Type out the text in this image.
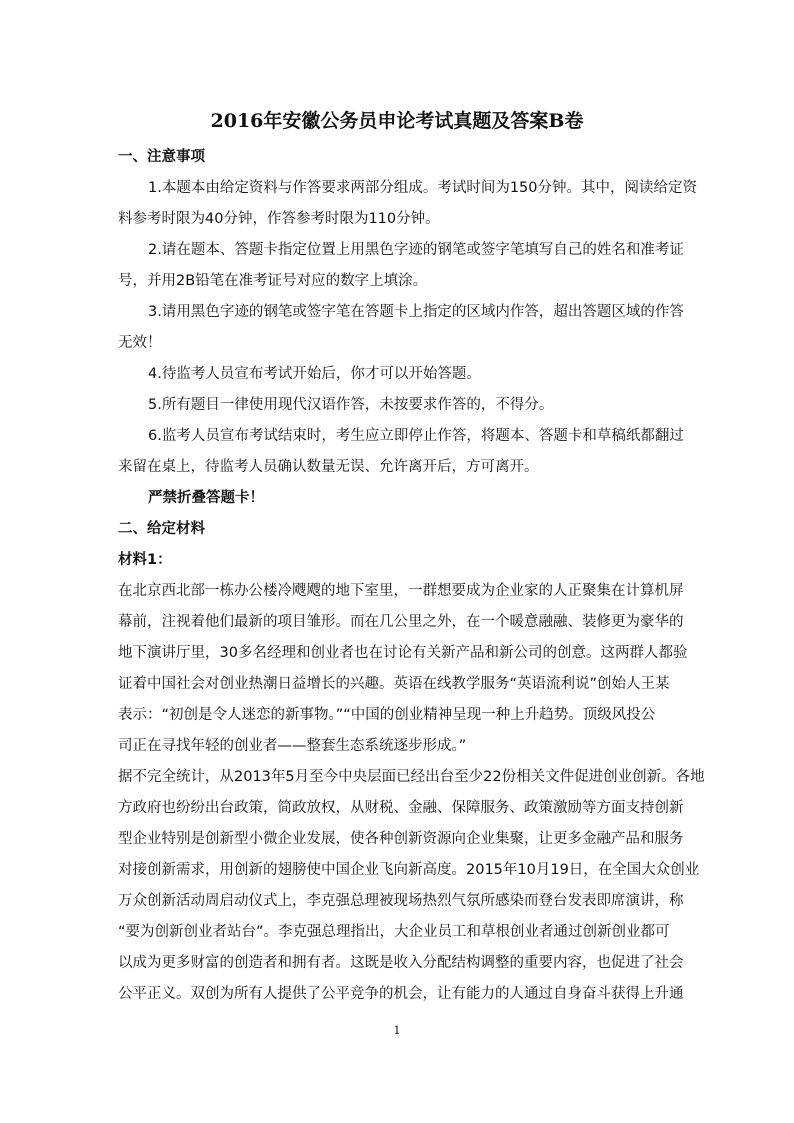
2016年安徽公务员申论考试真题及答案B卷

一、注意事项

1.本题本由给定资料与作答要求两部分组成。考试时间为150分钟。其中，阅读给定资

料参考时限为40分钟，作答参考时限为110分钟。

2.请在题本、答题卡指定位置上用黑色字迹的钢笔或签字笔填写自己的姓名和准考证

号，并用2B铅笔在准考证号对应的数字上填涂。

3.请用黑色字迹的钢笔或签字笔在答题卡上指定的区域内作答，超出答题区域的作答

无效！

4.待监考人员宣布考试开始后，你才可以开始答题。

5.所有题目一律使用现代汉语作答，未按要求作答的，不得分。

6.监考人员宣布考试结束时，考生应立即停止作答，将题本、答题卡和草稿纸都翻过

来留在桌上，待监考人员确认数量无误、允许离开后，方可离开。

严禁折叠答题卡！

二、给定材料

材料1：

在北京西北部一栋办公楼冷飕飕的地下室里，一群想要成为企业家的人正聚集在计算机屏

幕前，注视着他们最新的项目雏形。而在几公里之外，在一个暖意融融、装修更为豪华的

地下演讲厅里，30多名经理和创业者也在讨论有关新产品和新公司的创意。这两群人都验

证着中国社会对创业热潮日益增长的兴趣。英语在线教学服务“英语流利说”创始人王某

表示：“初创是令人迷恋的新事物。”“中国的创业精神呈现一种上升趋势。顶级风投公

司正在寻找年轻的创业者——整套生态系统逐步形成。”

据不完全统计，从2013年5月至今中央层面已经出台至少22份相关文件促进创业创新。各地

方政府也纷纷出台政策，简政放权，从财税、金融、保障服务、政策激励等方面支持创新

型企业特别是创新型小微企业发展，使各种创新资源向企业集聚，让更多金融产品和服务

对接创新需求，用创新的翅膀使中国企业飞向新高度。2015年10月19日，在全国大众创业

万众创新活动周启动仪式上，李克强总理被现场热烈气氛所感染而登台发表即席演讲，称

“要为创新创业者站台”。李克强总理指出，大企业员工和草根创业者通过创新创业都可

以成为更多财富的创造者和拥有者。这既是收入分配结构调整的重要内容，也促进了社会

公平正义。双创为所有人提供了公平竞争的机会，让有能力的人通过自身奋斗获得上升通

1
